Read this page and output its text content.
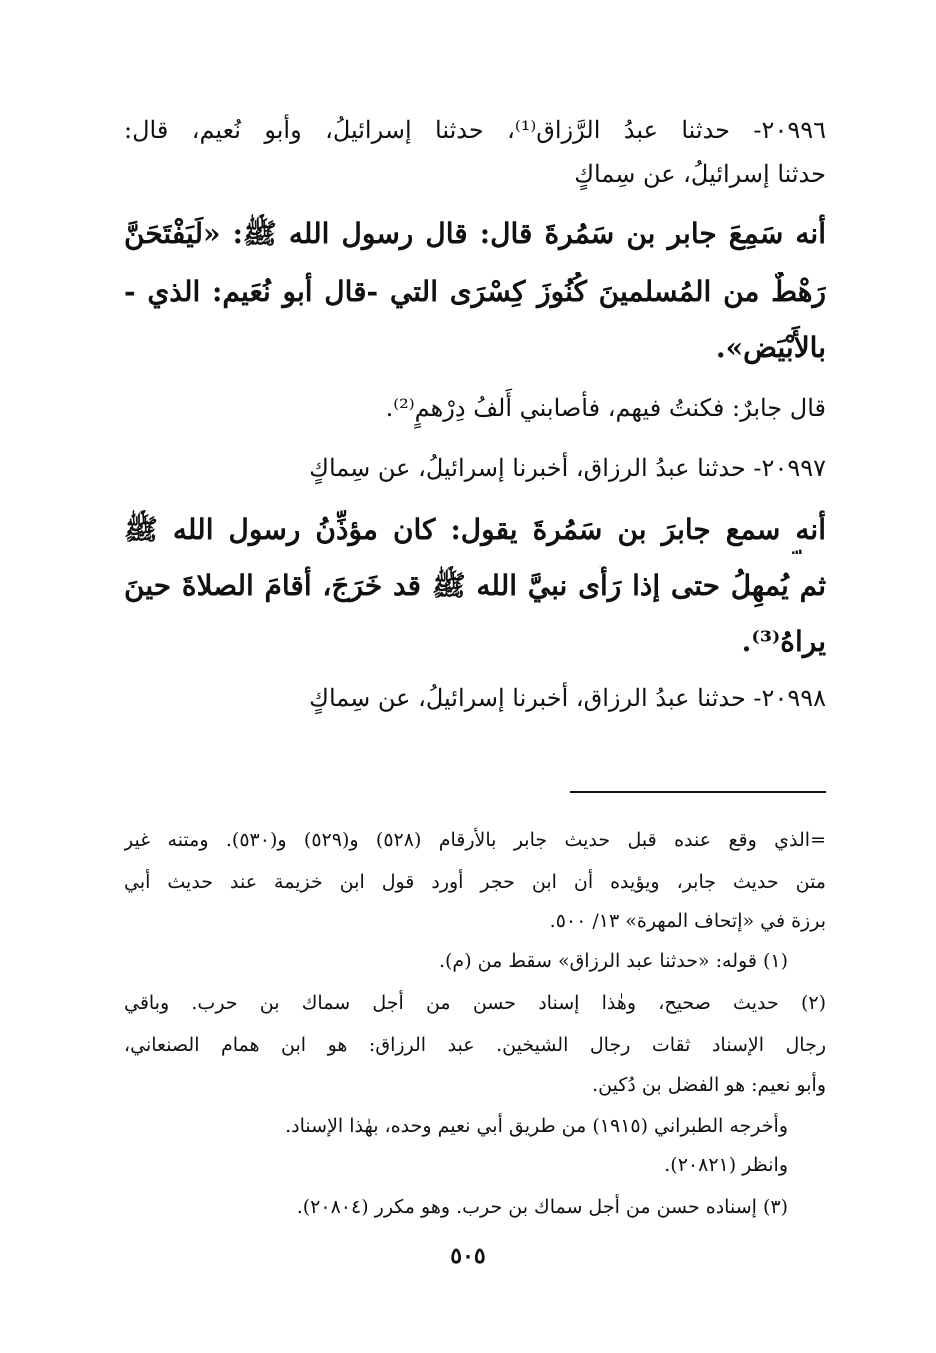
٢٠٩٩٦- حدثنا عبدُ الرَّزاق⁽¹⁾، حدثنا إسرائيلُ، وأبو نُعيم، قال:
حدثنا إسرائيلُ، عن سِماكٍ
أنه سَمِعَ جابر بن سَمُرةَ قال: قال رسول الله ﷺ: «لَيَفْتَحَنَّ
رَهْطٌ من المُسلمينَ كُنُوزَ كِسْرَى التي -قال أبو نُعَيم: الذي -
بالأَبْيَض».
قال جابرٌ: فكنتُ فيهم، فأصابني أَلفُ دِرْهمٍ⁽²⁾.
٢٠٩٩٧- حدثنا عبدُ الرزاق، أخبرنا إسرائيلُ، عن سِماكٍ
أنه سمع جابرَ بن سَمُرةَ يقول: كان مؤذِّنُ رسول الله ﷺ
ثم يُمهِلُ حتى إذا رَأَى نبيَّ الله ﷺ قد خَرَجَ، أقامَ الصلاةَ حينَ
يراهُ⁽³⁾.
٢٠٩٩٨- حدثنا عبدُ الرزاق، أخبرنا إسرائيلُ، عن سِماكٍ
=الذي وقع عنده قبل حديث جابر بالأرقام (٥٢٨) و(٥٢٩) و(٥٣٠). ومتنه غير
متن حديث جابر، ويؤيده أن ابن حجر أورد قول ابن خزيمة عند حديث أبي
برزة في «إتحاف المهرة» ١٣/ ٥٠٠.
(١) قوله: «حدثنا عبد الرزاق» سقط من (م).
(٢) حديث صحيح، وهٰذا إسناد حسن من أجل سماك بن حرب. وباقي
رجال الإسناد ثقات رجال الشيخين. عبد الرزاق: هو ابن همام الصنعاني،
وأبو نعيم: هو الفضل بن دُكين.
وأخرجه الطبراني (١٩١٥) من طريق أبي نعيم وحده، بهٰذا الإسناد.
وانظر (٢٠٨٢١).
(٣) إسناده حسن من أجل سماك بن حرب. وهو مكرر (٢٠٨٠٤).
٥٠٥
